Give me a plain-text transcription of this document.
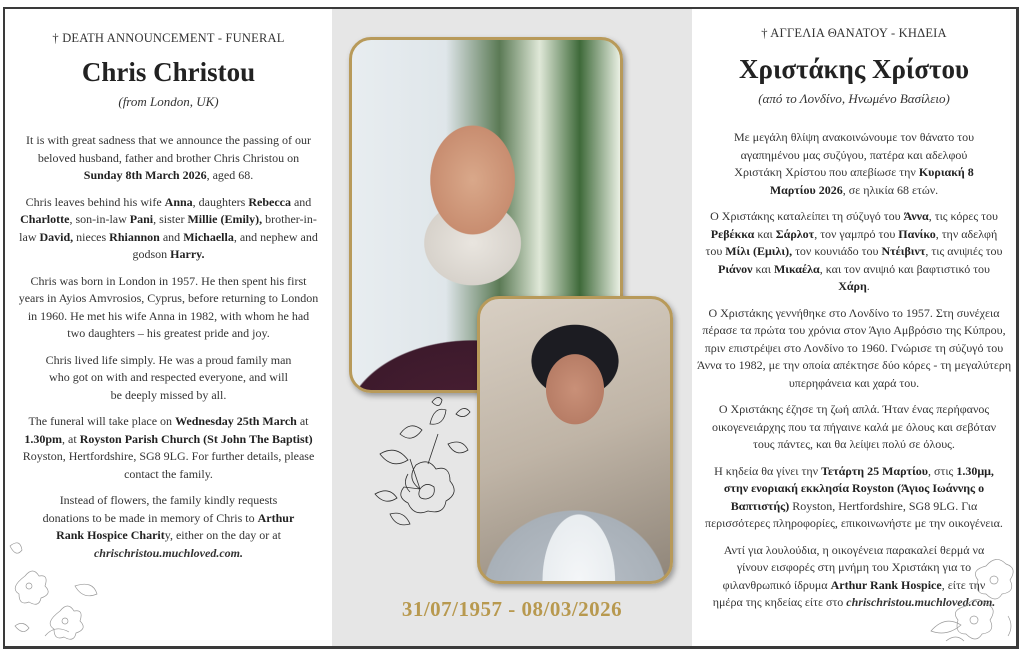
† DEATH ANNOUNCEMENT - FUNERAL
Chris Christou
(from London, UK)

It is with great sadness that we announce the passing of our beloved husband, father and brother Chris Christou on Sunday 8th March 2026, aged 68.

Chris leaves behind his wife Anna, daughters Rebecca and Charlotte, son-in-law Pani, sister Millie (Emily), brother-in-law David, nieces Rhiannon and Michaella, and nephew and godson Harry.

Chris was born in London in 1957. He then spent his first years in Ayios Amvrosios, Cyprus, before returning to London in 1960. He met his wife Anna in 1982, with whom he had two daughters – his greatest pride and joy.

Chris lived life simply. He was a proud family man who got on with and respected everyone, and will be deeply missed by all.

The funeral will take place on Wednesday 25th March at 1.30pm, at Royston Parish Church (St John The Baptist) Royston, Hertfordshire, SG8 9LG. For further details, please contact the family.

Instead of flowers, the family kindly requests donations to be made in memory of Chris to Arthur Rank Hospice Charity, either on the day or at chrischristou.muchloved.com.

31/07/1957 - 08/03/2026
† ΑΓΓΕΛΙΑ ΘΑΝΑΤΟΥ - ΚΗΔΕΙΑ
Χριστάκης Χρίστου
(από το Λονδίνο, Ηνωμένο Βασίλειο)

Με μεγάλη θλίψη ανακοινώνουμε τον θάνατο του αγαπημένου μας συζύγου, πατέρα και αδελφού Χριστάκη Χρίστου που απεβίωσε την Κυριακή 8 Μαρτίου 2026, σε ηλικία 68 ετών.

Ο Χριστάκης καταλείπει τη σύζυγό του Άννα, τις κόρες του Ρεβέκκα και Σάρλοτ, τον γαμπρό του Πανίκο, την αδελφή του Μίλι (Εμιλι), τον κουνιάδο του Ντέιβιντ, τις ανιψιές του Ριάνον και Μικαέλα, και τον ανιψιό και βαφτιστικό του Χάρη.

Ο Χριστάκης γεννήθηκε στο Λονδίνο το 1957. Στη συνέχεια πέρασε τα πρώτα του χρόνια στον Άγιο Αμβρόσιο της Κύπρου, πριν επιστρέψει στο Λονδίνο το 1960. Γνώρισε τη σύζυγό του Άννα το 1982, με την οποία απέκτησε δύο κόρες - τη μεγαλύτερη υπερηφάνεια και χαρά του.

Ο Χριστάκης έζησε τη ζωή απλά. Ήταν ένας περήφανος οικογενειάρχης που τα πήγαινε καλά με όλους και σεβόταν τους πάντες, και θα λείψει πολύ σε όλους.

Η κηδεία θα γίνει την Τετάρτη 25 Μαρτίου, στις 1.30μμ, στην ενοριακή εκκλησία Royston (Άγιος Ιωάννης ο Βαπτιστής) Royston, Hertfordshire, SG8 9LG. Για περισσότερες πληροφορίες, επικοινωνήστε με την οικογένεια.

Αντί για λουλούδια, η οικογένεια παρακαλεί θερμά να γίνουν εισφορές στη μνήμη του Χριστάκη για το φιλανθρωπικό ίδρυμα Arthur Rank Hospice, είτε την ημέρα της κηδείας είτε στο chrischristou.muchloved.com.
